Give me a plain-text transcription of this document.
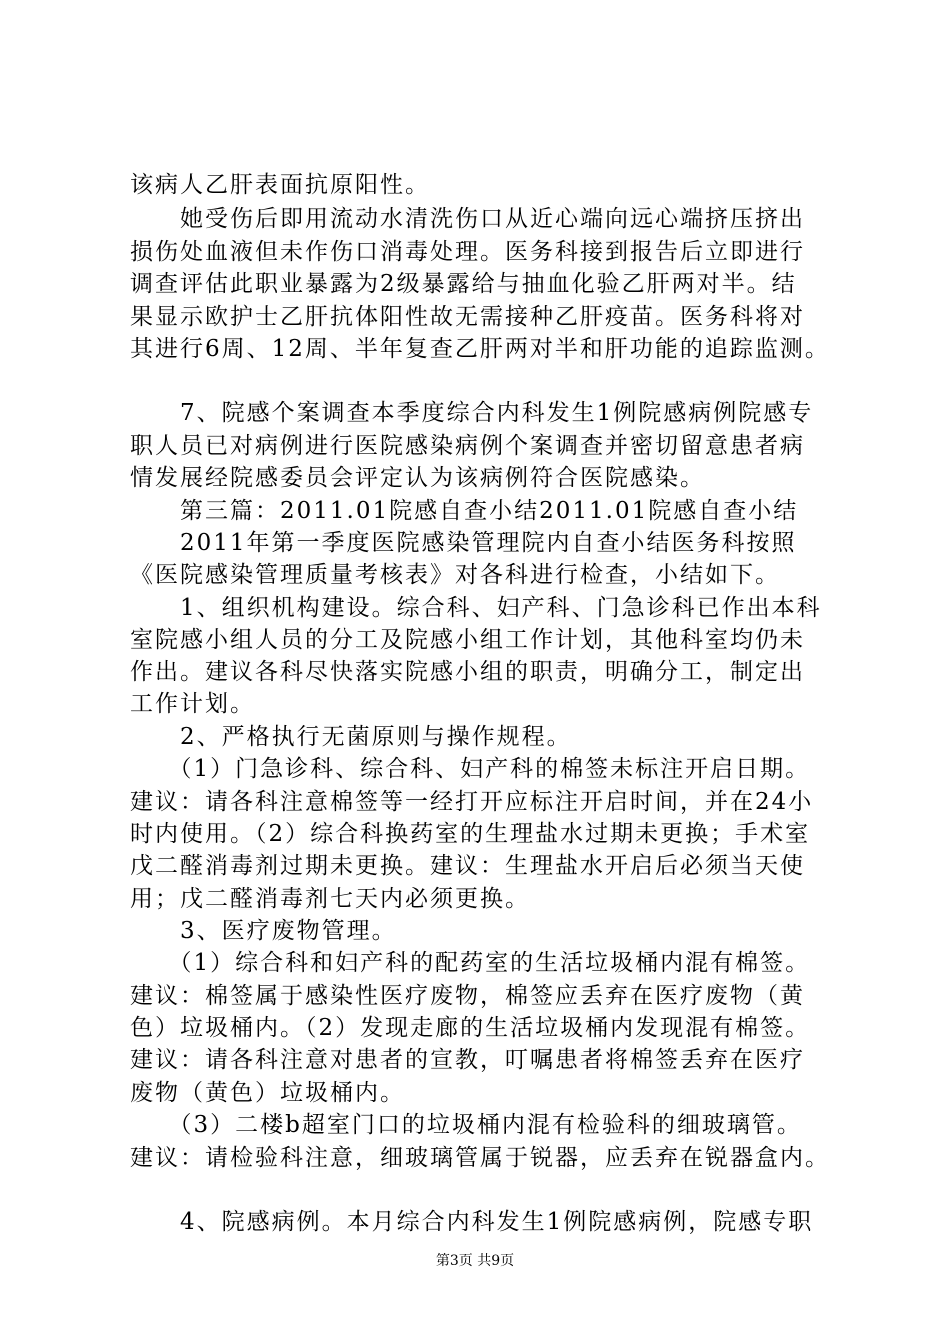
该病人乙肝表面抗原阳性。
　　她受伤后即用流动水清洗伤口从近心端向远心端挤压挤出
损伤处血液但未作伤口消毒处理。医务科接到报告后立即进行
调查评估此职业暴露为2级暴露给与抽血化验乙肝两对半。结
果显示欧护士乙肝抗体阳性故无需接种乙肝疫苗。医务科将对
其进行6周、12周、半年复查乙肝两对半和肝功能的追踪监测。
　　7、院感个案调查本季度综合内科发生1例院感病例院感专
职人员已对病例进行医院感染病例个案调查并密切留意患者病
情发展经院感委员会评定认为该病例符合医院感染。
　　第三篇：2011.01院感自查小结2011.01院感自查小结
　　2011年第一季度医院感染管理院内自查小结医务科按照
《医院感染管理质量考核表》对各科进行检查，小结如下。
　　1、组织机构建设。综合科、妇产科、门急诊科已作出本科
室院感小组人员的分工及院感小组工作计划，其他科室均仍未
作出。建议各科尽快落实院感小组的职责，明确分工，制定出
工作计划。
　　2、严格执行无菌原则与操作规程。
　　（1）门急诊科、综合科、妇产科的棉签未标注开启日期。
建议：请各科注意棉签等一经打开应标注开启时间，并在24小
时内使用。（2）综合科换药室的生理盐水过期未更换；手术室
戊二醛消毒剂过期未更换。建议：生理盐水开启后必须当天使
用；戊二醛消毒剂七天内必须更换。
　　3、医疗废物管理。
　　（1）综合科和妇产科的配药室的生活垃圾桶内混有棉签。
建议：棉签属于感染性医疗废物，棉签应丢弃在医疗废物（黄
色）垃圾桶内。（2）发现走廊的生活垃圾桶内发现混有棉签。
建议：请各科注意对患者的宣教，叮嘱患者将棉签丢弃在医疗
废物（黄色）垃圾桶内。
　　（3）二楼b超室门口的垃圾桶内混有检验科的细玻璃管。
建议：请检验科注意，细玻璃管属于锐器，应丢弃在锐器盒内。
　　4、院感病例。本月综合内科发生1例院感病例，院感专职
第3页 共9页
